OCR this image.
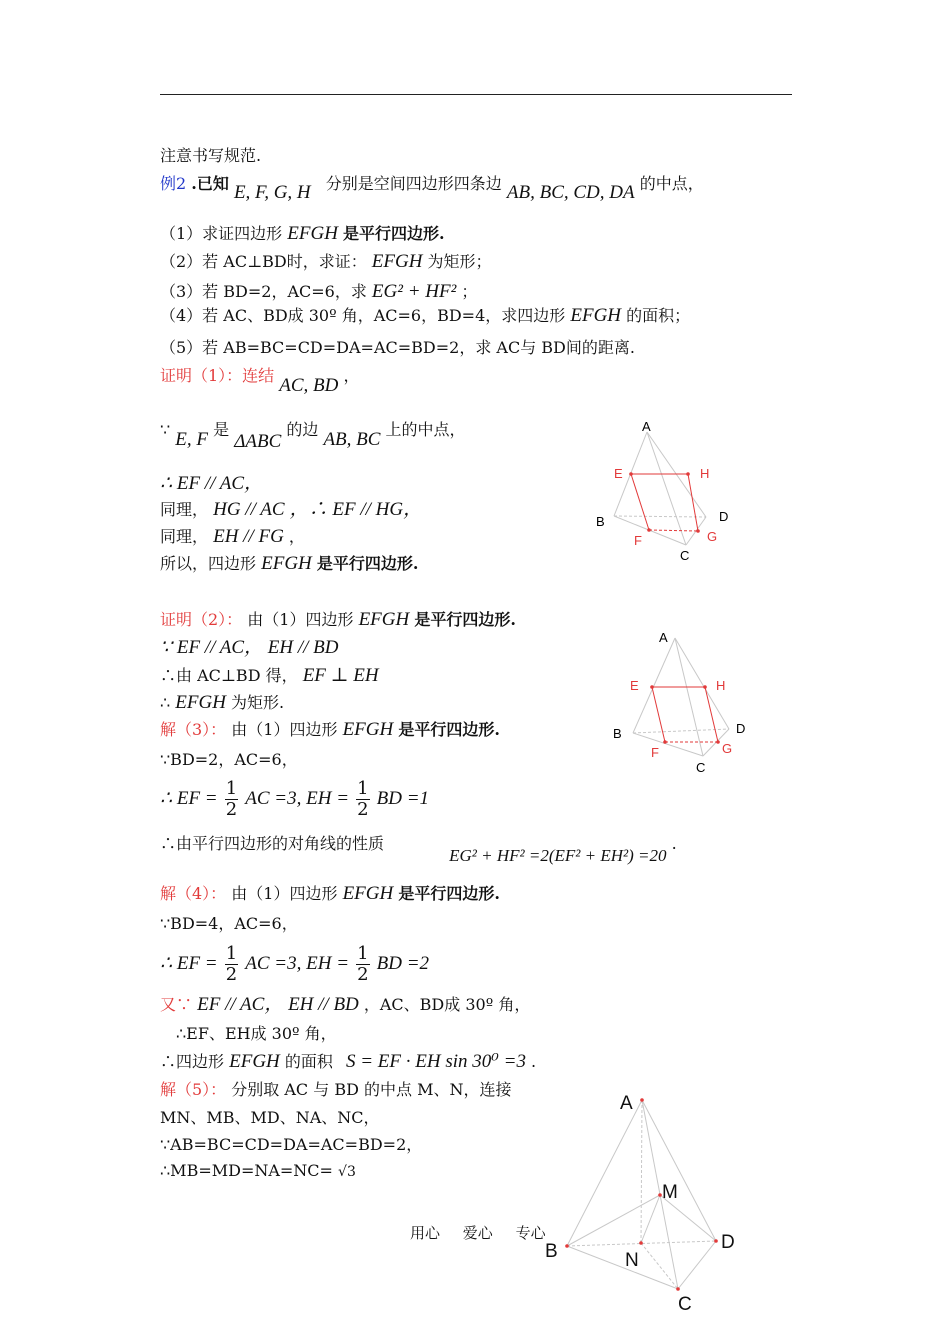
注意书写规范.
例2 .已知 E, F, G, H 分别是空间四边形四条边 AB, BC, CD, DA 的中点，
（1）求证四边形 EFGH 是平行四边形.
（2）若 AC⊥BD时，求证： EFGH 为矩形；
（3）若 BD=2，AC=6，求 EG² + HF² ；
（4）若 AC、BD成 30º 角，AC=6，BD=4，求四边形 EFGH 的面积；
（5）若 AB=BC=CD=DA=AC=BD=2，求 AC与 BD间的距离.
证明（1）：连结 AC, BD ，
∵ E, F 是 ΔABC 的边 AB, BC 上的中点，
∴ EF // AC，
同理， HG // AC ，∴ EF // HG，
同理， EH // FG ，
所以，四边形 EFGH 是平行四边形.
证明（2）： 由（1）四边形 EFGH 是平行四边形.
∵ EF // AC， EH // BD
∴由 AC⊥BD 得， EF ⊥ EH
∴ EFGH 为矩形.
解（3）： 由（1）四边形 EFGH 是平行四边形.
∵BD=2，AC=6，
∴ EF = $\frac{1}{2}$ AC =3, EH = $\frac{1}{2}$ BD =1
∴由平行四边形的对角线的性质 EG² + HF² =2(EF² + EH²) =20 .
解（4）： 由（1）四边形 EFGH 是平行四边形.
∵BD=4，AC=6，
∴ EF = $\frac{1}{2}$ AC =3, EH = $\frac{1}{2}$ BD =2
又∵ EF // AC， EH // BD ，AC、BD成 30º 角，
∴EF、EH成 30º 角，
∴四边形 EFGH 的面积 S = EF · EH sin 30⁰ =3 .
解（5）： 分别取 AC 与 BD 的中点 M、N，连接
MN、MB、MD、NA、NC，
∵AB=BC=CD=DA=AC=BD=2，
∴MB=MD=NA=NC= √3
A
B
C
D
E
F	G
H
A
B
C
D
E
F	G
H
A
B
C
D
M
N
用心 爱心 专心
